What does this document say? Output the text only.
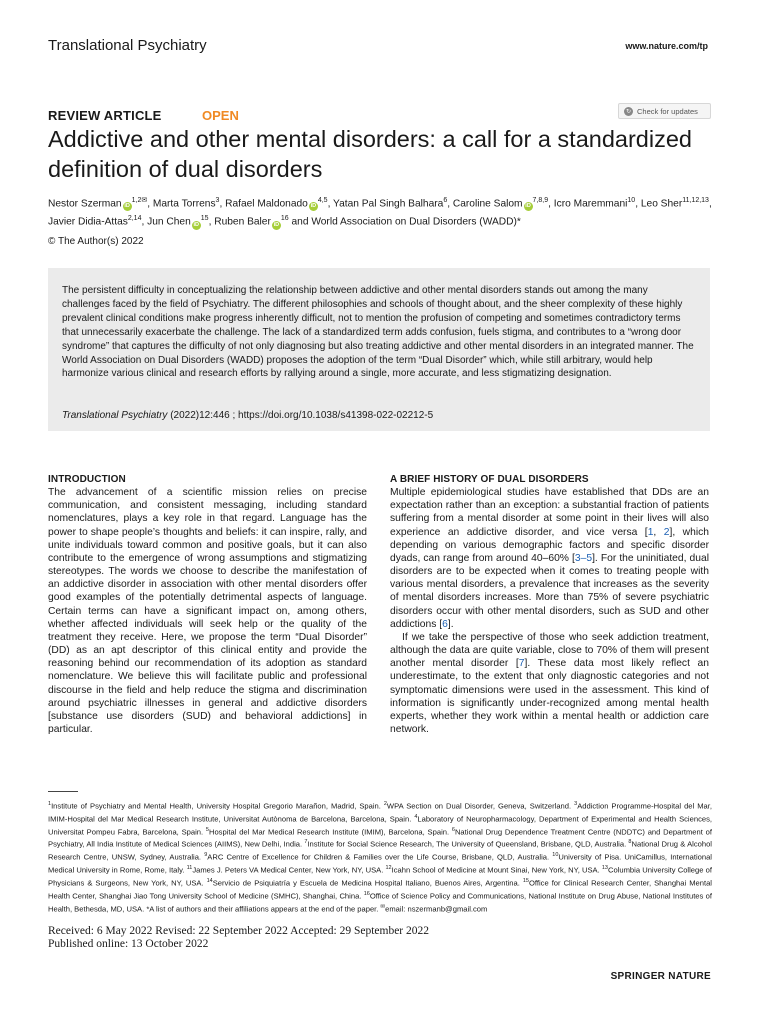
Translational Psychiatry	www.nature.com/tp
REVIEW ARTICLE	OPEN	↻ Check for updates
Addictive and other mental disorders: a call for a standardized definition of dual disorders
Nestor Szerman $iD^{1,2✉}$, Marta Torrens$^3$, Rafael Maldonado iD$^{4,5}$, Yatan Pal Singh Balhara$^6$, Caroline Salom iD$^{7,8,9}$, Icro Maremmani$^{10}$, Leo Sher$^{11,12,13}$, Javier Didia-Attas$^{2,14}$, Jun Chen $iD^{15}$, Ruben Baler $iD^{16}$ and World Association on Dual Disorders (WADD)*
© The Author(s) 2022

The persistent difficulty in conceptualizing the relationship between addictive and other mental disorders stands out among the many challenges faced by the field of Psychiatry. The different philosophies and schools of thought about, and the sheer complexity of these highly prevalent clinical conditions make progress inherently difficult, not to mention the profusion of competing and sometimes contradictory terms that unnecessarily exacerbate the challenge. The lack of a standardized term adds confusion, fuels stigma, and contributes to a “wrong door syndrome” that captures the difficulty of not only diagnosing but also treating addictive and other mental disorders in an integrated manner. The World Association on Dual Disorders (WADD) proposes the adoption of the term “Dual Disorder” which, while still arbitrary, would help harmonize various clinical and research efforts by rallying around a single, more accurate, and less stigmatizing designation.

Translational Psychiatry (2022)12:446 ; https://doi.org/10.1038/s41398-022-02212-5
INTRODUCTION

The advancement of a scientific mission relies on precise communication, and consistent messaging, including standard nomenclatures, plays a key role in that regard. Language has the power to shape people’s thoughts and beliefs: it can inspire, rally, and unite individuals toward common and positive goals, but it can also contribute to the emergence of wrong assumptions and stigmatizing stereotypes. The words we choose to describe the manifestation of an addictive disorder in association with other mental disorders offer good examples of the potentially detrimental aspects of language. Certain terms can have a significant impact on, among others, whether affected individuals will seek help or the quality of the treatment they receive. Here, we propose the term “Dual Disorder” (DD) as an apt descriptor of this clinical entity and provide the reasoning behind our recommendation of its adoption as standard nomenclature. We believe this will facilitate public and professional discourse in the field and help reduce the stigma and discrimination around psychiatric illnesses in general and addictive disorders [substance use disorders (SUD) and behavioral addictions] in particular.

A BRIEF HISTORY OF DUAL DISORDERS

Multiple epidemiological studies have established that DDs are an expectation rather than an exception: a substantial fraction of patients suffering from a mental disorder at some point in their lives will also experience an addictive disorder, and vice versa [1, 2], which depending on various demographic factors and specific disorder dyads, can range from around 40–60% [3–5]. For the uninitiated, dual disorders are to be expected when it comes to treating people with various mental disorders, a prevalence that increases as the severity of mental disorders increases. More than 75% of severe psychiatric disorders occur with other mental disorders, such as SUD and other addictions [6].

If we take the perspective of those who seek addiction treatment, although the data are quite variable, close to 70% of them will present another mental disorder [7]. These data most likely reflect an underestimate, to the extent that only diagnostic categories and not symptomatic dimensions were used in the assessment. This kind of information is significantly under-recognized among mental health experts, whether they work within a mental health or addiction care network.

$^1$Institute of Psychiatry and Mental Health, University Hospital Gregorio Marañon, Madrid, Spain. $^2$WPA Section on Dual Disorder, Geneva, Switzerland. $^3$Addiction Programme-Hospital del Mar, IMIM-Hospital del Mar Medical Research Institute, Universitat Autònoma de Barcelona, Barcelona, Spain. $^4$Laboratory of Neuropharmacology, Department of Experimental and Health Sciences, Universitat Pompeu Fabra, Barcelona, Spain. $^5$Hospital del Mar Medical Research Institute (IMIM), Barcelona, Spain. $^6$National Drug Dependence Treatment Centre (NDDTC) and Department of Psychiatry, All India Institute of Medical Sciences (AIIMS), New Delhi, India. $^7$Institute for Social Science Research, The University of Queensland, Brisbane, QLD, Australia. $^8$National Drug & Alcohol Research Centre, UNSW, Sydney, Australia. $^9$ARC Centre of Excellence for Children & Families over the Life Course, Brisbane, QLD, Australia. $^{10}$University of Pisa. UniCamillus, International Medical University in Rome, Rome, Italy. $^{11}$James J. Peters VA Medical Center, New York, NY, USA. $^{12}$Icahn School of Medicine at Mount Sinai, New York, NY, USA. $^{13}$Columbia University College of Physicians & Surgeons, New York, NY, USA. $^{14}$Servicio de Psiquiatría y Escuela de Medicina Hospital Italiano, Buenos Aires, Argentina. $^{15}$Office for Clinical Research Center, Shanghai Mental Health Center, Shanghai Jiao Tong University School of Medicine (SMHC), Shanghai, China. $^{16}$Office of Science Policy and Communications, National Institute on Drug Abuse, National Institutes of Health, Bethesda, MD, USA. *A list of authors and their affiliations appears at the end of the paper. ✉email: nszermanb@gmail.com
Received: 6 May 2022 Revised: 22 September 2022 Accepted: 29 September 2022
Published online: 13 October 2022
SPRINGER NATURE
